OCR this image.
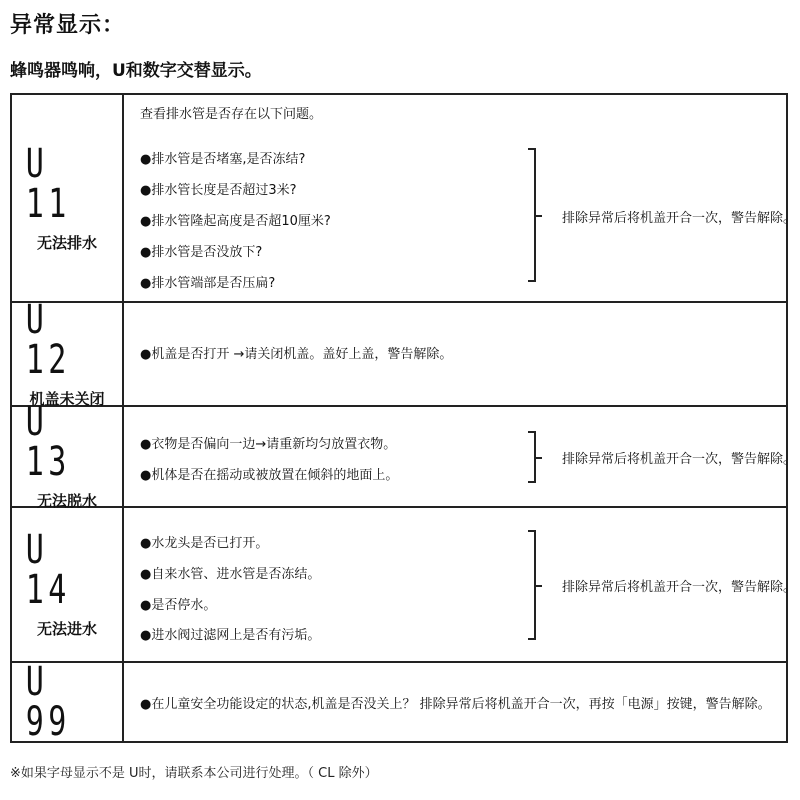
异常显示：
蜂鸣器鸣响，U和数字交替显示。
U 11
无法排水
查看排水管是否存在以下问题。
●排水管是否堵塞,是否冻结?
●排水管长度是否超过3米?
●排水管隆起高度是否超10厘米?
●排水管是否没放下?
●排水管端部是否压扁?
排除异常后将机盖开合一次，警告解除。
U 12
机盖未关闭
●机盖是否打开 →请关闭机盖。盖好上盖，警告解除。
U 13
无法脱水
●衣物是否偏向一边→请重新均匀放置衣物。
●机体是否在摇动或被放置在倾斜的地面上。
排除异常后将机盖开合一次，警告解除。
U 14
无法进水
●水龙头是否已打开。
●自来水管、进水管是否冻结。
●是否停水。
●进水阀过滤网上是否有污垢。
排除异常后将机盖开合一次，警告解除。
U 99	●在儿童安全功能设定的状态,机盖是否没关上？ 排除异常后将机盖开合一次，再按「电源」按键，警告解除。
※如果字母显示不是 U时，请联系本公司进行处理。（ CL 除外）
